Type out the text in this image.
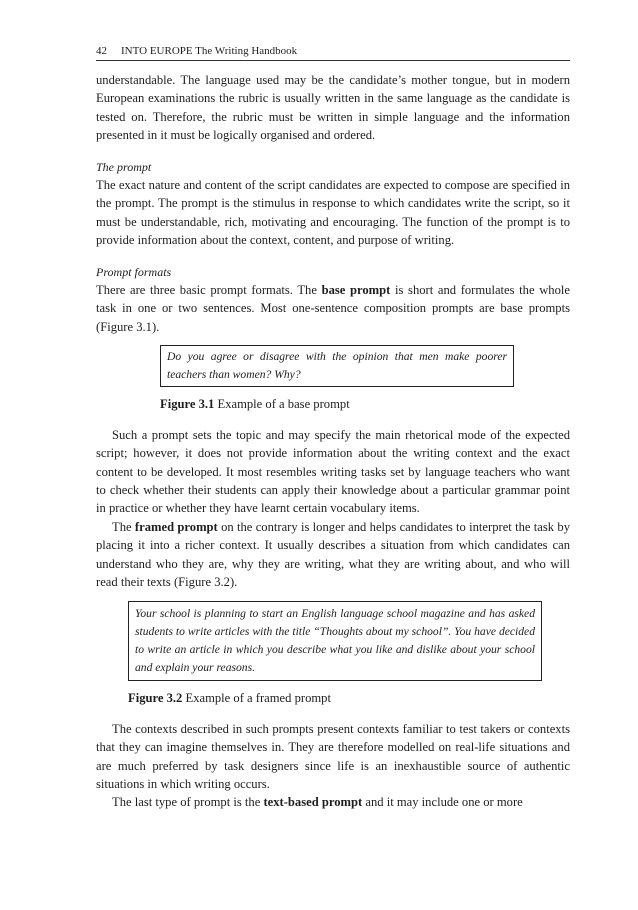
42 INTO EUROPE The Writing Handbook

understandable. The language used may be the candidate’s mother tongue, but in modern European examinations the rubric is usually written in the same language as the candidate is tested on. Therefore, the rubric must be written in simple language and the information presented in it must be logically organised and ordered.

The prompt

The exact nature and content of the script candidates are expected to compose are specified in the prompt. The prompt is the stimulus in response to which candidates write the script, so it must be understandable, rich, motivating and encouraging. The function of the prompt is to provide information about the context, content, and purpose of writing.

Prompt formats

There are three basic prompt formats. The base prompt is short and formulates the whole task in one or two sentences. Most one-sentence composition prompts are base prompts (Figure 3.1).

Do you agree or disagree with the opinion that men make poorer teachers than women? Why?

Figure 3.1 Example of a base prompt

Such a prompt sets the topic and may specify the main rhetorical mode of the expected script; however, it does not provide information about the writing context and the exact content to be developed. It most resembles writing tasks set by language teachers who want to check whether their students can apply their knowledge about a particular grammar point in practice or whether they have learnt certain vocabulary items.

The framed prompt on the contrary is longer and helps candidates to interpret the task by placing it into a richer context. It usually describes a situation from which candidates can understand who they are, why they are writing, what they are writing about, and who will read their texts (Figure 3.2).

Your school is planning to start an English language school magazine and has asked students to write articles with the title “Thoughts about my school”. You have decided to write an article in which you describe what you like and dislike about your school and explain your reasons.

Figure 3.2 Example of a framed prompt

The contexts described in such prompts present contexts familiar to test takers or contexts that they can imagine themselves in. They are therefore modelled on real-life situations and are much preferred by task designers since life is an inexhaustible source of authentic situations in which writing occurs.

The last type of prompt is the text-based prompt and it may include one or more
